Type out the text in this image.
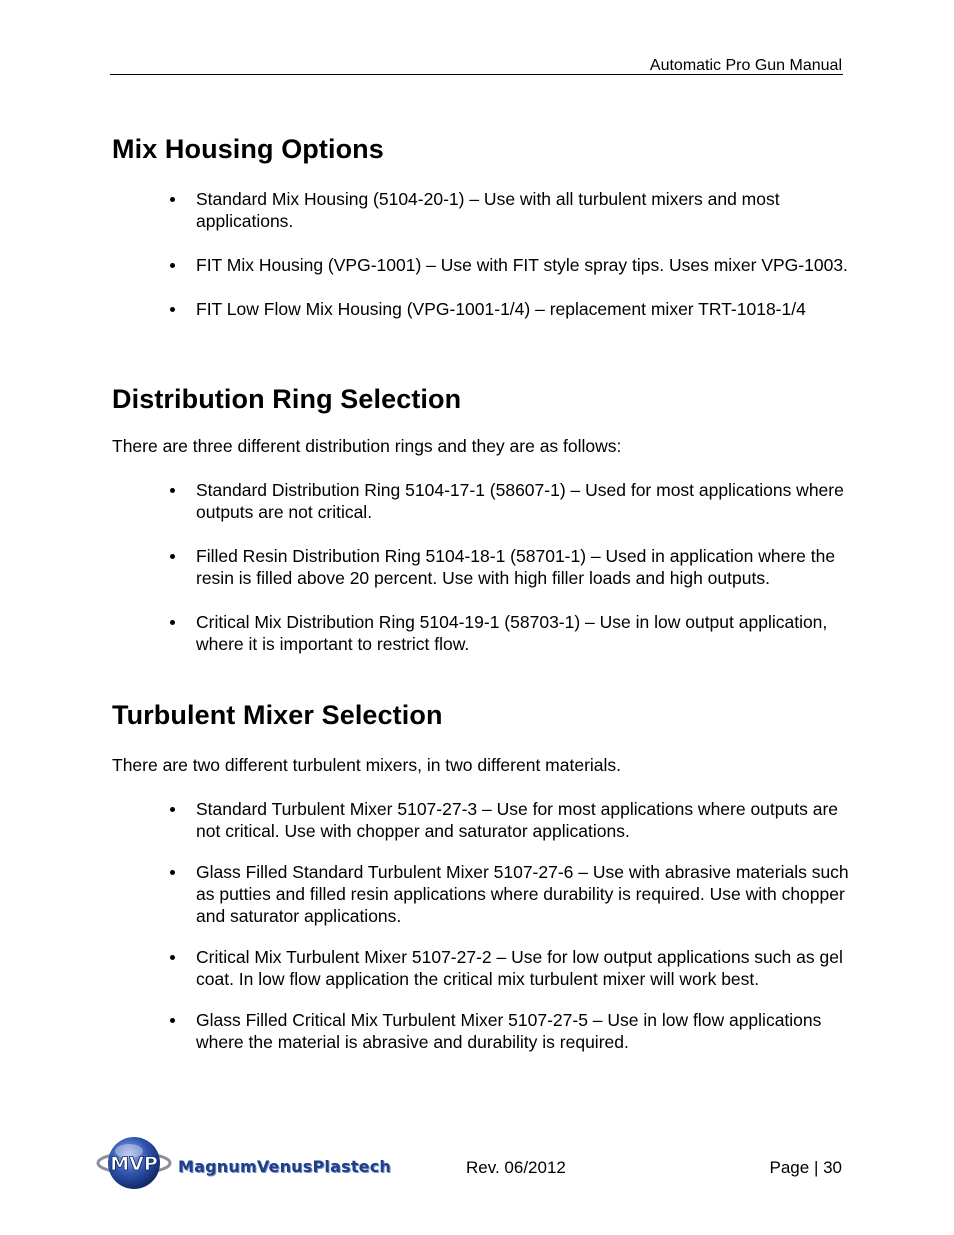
Automatic Pro Gun Manual
Mix Housing Options
Standard Mix Housing (5104-20-1) – Use with all turbulent mixers and most applications.
FIT Mix Housing (VPG-1001) – Use with FIT style spray tips. Uses mixer VPG-1003.
FIT Low Flow Mix Housing (VPG-1001-1/4) – replacement mixer TRT-1018-1/4
Distribution Ring Selection

There are three different distribution rings and they are as follows:

Standard Distribution Ring 5104-17-1 (58607-1) – Used for most applications where outputs are not critical.
Filled Resin Distribution Ring 5104-18-1 (58701-1) – Used in application where the resin is filled above 20 percent. Use with high filler loads and high outputs.
Critical Mix Distribution Ring 5104-19-1 (58703-1) – Use in low output application, where it is important to restrict flow.
Turbulent Mixer Selection

There are two different turbulent mixers, in two different materials.

Standard Turbulent Mixer 5107-27-3 – Use for most applications where outputs are not critical. Use with chopper and saturator applications.
Glass Filled Standard Turbulent Mixer 5107-27-6 – Use with abrasive materials such as putties and filled resin applications where durability is required. Use with chopper and saturator applications.
Critical Mix Turbulent Mixer 5107-27-2 – Use for low output applications such as gel coat. In low flow application the critical mix turbulent mixer will work best.
Glass Filled Critical Mix Turbulent Mixer 5107-27-5 – Use in low flow applications where the material is abrasive and durability is required.
MVP MagnumVenusPlastech	Rev. 06/2012	Page | 30
